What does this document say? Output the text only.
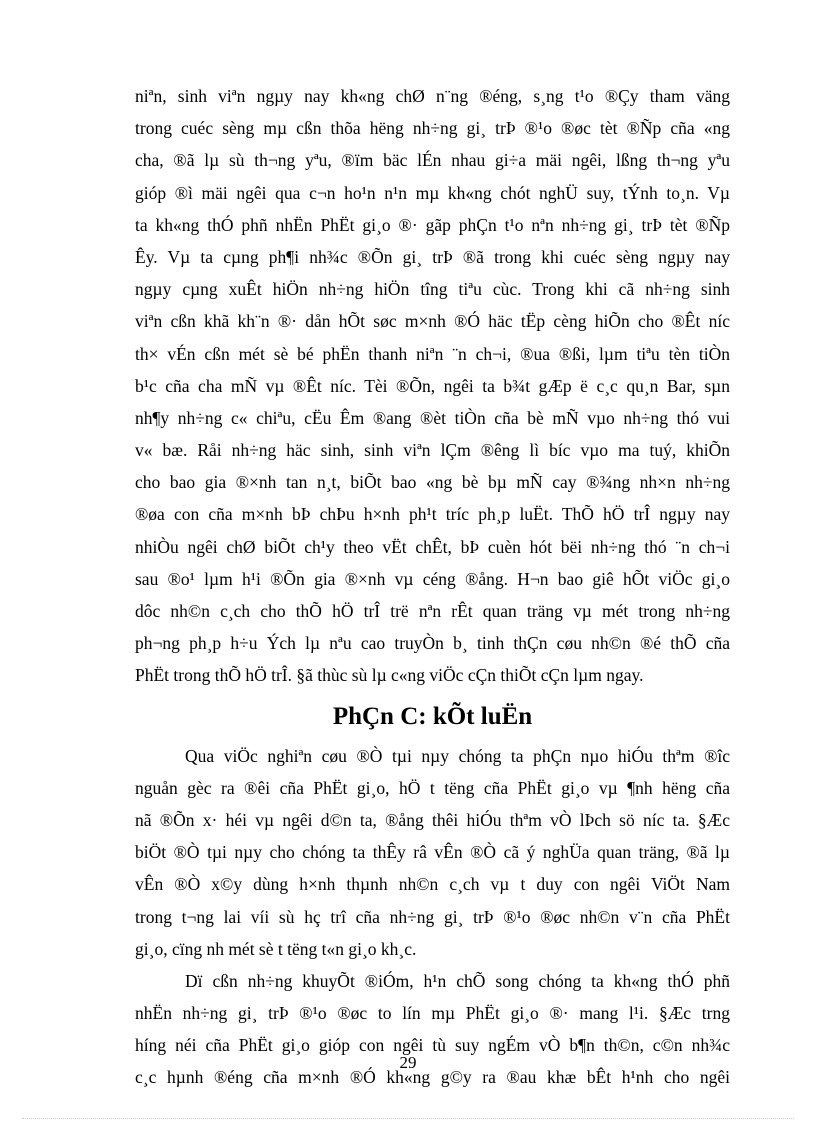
niªn, sinh viªn ngµy nay kh«ng chØ n¨ng ®éng, s¸ng t¹o ®Çy tham väng
trong cuéc sèng mµ cßn thõa hëng nh÷ng gi¸ trÞ ®¹o ®øc tèt ®Ñp cña «ng
cha, ®ã lµ sù th¬ng yªu, ®ïm bäc lÉn nhau gi÷a mäi ngêi, lßng th¬ng yªu
gióp ®ì mäi ngêi qua c¬n ho¹n n¹n mµ kh«ng chót nghÜ suy, tÝnh to¸n. Vµ
ta kh«ng thÓ phñ nhËn PhËt gi¸o ®· gãp phÇn t¹o nªn nh÷ng gi¸ trÞ tèt ®Ñp
Êy. Vµ ta cµng ph¶i nh¾c ®Õn gi¸ trÞ ®ã trong khi cuéc sèng ngµy nay
ngµy cµng xuÊt hiÖn nh÷ng hiÖn tîng tiªu cùc. Trong khi cã nh÷ng sinh
viªn cßn khã kh¨n ®· dån hÕt søc m×nh ®Ó häc tËp cèng hiÕn cho ®Êt níc
th× vÉn cßn mét sè bé phËn thanh niªn ¨n ch¬i, ®ua ®ßi, lµm tiªu tèn tiÒn
b¹c cña cha mÑ vµ ®Êt níc. Tèi ®Õn, ngêi ta b¾t gÆp ë c¸c qu¸n Bar, sµn
nh¶y nh÷ng c« chiªu, cËu Êm ®ang ®èt tiÒn cña bè mÑ vµo nh÷ng thó vui
v« bæ. Råi nh÷ng häc sinh, sinh viªn lÇm ®êng lì bíc vµo ma tuý, khiÕn
cho bao gia ®×nh tan n¸t, biÕt bao «ng bè bµ mÑ cay ®¾ng nh×n nh÷ng
®øa con cña m×nh bÞ chÞu h×nh ph¹t tríc ph¸p luËt. ThÕ hÖ trÎ ngµy nay
nhiÒu ngêi chØ biÕt ch¹y theo vËt chÊt, bÞ cuèn hót bëi nh÷ng thó ¨n ch¬i
sau ®o¹ lµm h¹i ®Õn gia ®×nh vµ céng ®ång. H¬n bao giê hÕt viÖc gi¸o
dôc nh©n c¸ch cho thÕ hÖ trÎ trë nªn rÊt quan träng vµ mét trong nh÷ng
ph¬ng ph¸p h÷u Ých lµ nªu cao truyÒn b¸ tinh thÇn cøu nh©n ®é thÕ cña
PhËt trong thÕ hÖ trÎ. §ã thùc sù lµ c«ng viÖc cÇn thiÕt cÇn lµm ngay.
PhÇn C: kÕt luËn
Qua viÖc nghiªn cøu ®Ò tµi nµy chóng ta phÇn nµo hiÓu thªm ®îc
nguån gèc ra ®êi cña PhËt gi¸o, hÖ t tëng cña PhËt gi¸o vµ ¶nh hëng cña
nã ®Õn x· héi vµ ngêi d©n ta, ®ång thêi hiÓu thªm vÒ lÞch sö níc ta. §Æc
biÖt ®Ò tµi nµy cho chóng ta thÊy râ vÊn ®Ò cã ý nghÜa quan träng, ®ã lµ
vÊn ®Ò x©y dùng h×nh thµnh nh©n c¸ch vµ t duy con ngêi ViÖt Nam
trong t¬ng lai víi sù hç trî cña nh÷ng gi¸ trÞ ®¹o ®øc nh©n v¨n cña PhËt
gi¸o, cïng nh mét sè t tëng t«n gi¸o kh¸c.
Dï cßn nh÷ng khuyÕt ®iÓm, h¹n chÕ song chóng ta kh«ng thÓ phñ
nhËn nh÷ng gi¸ trÞ ®¹o ®øc to lín mµ PhËt gi¸o ®· mang l¹i. §Æc trng
híng néi cña PhËt gi¸o gióp con ngêi tù suy ngÉm vÒ b¶n th©n, c©n nh¾c
c¸c hµnh ®éng cña m×nh ®Ó kh«ng g©y ra ®au khæ bÊt h¹nh cho ngêi
29
